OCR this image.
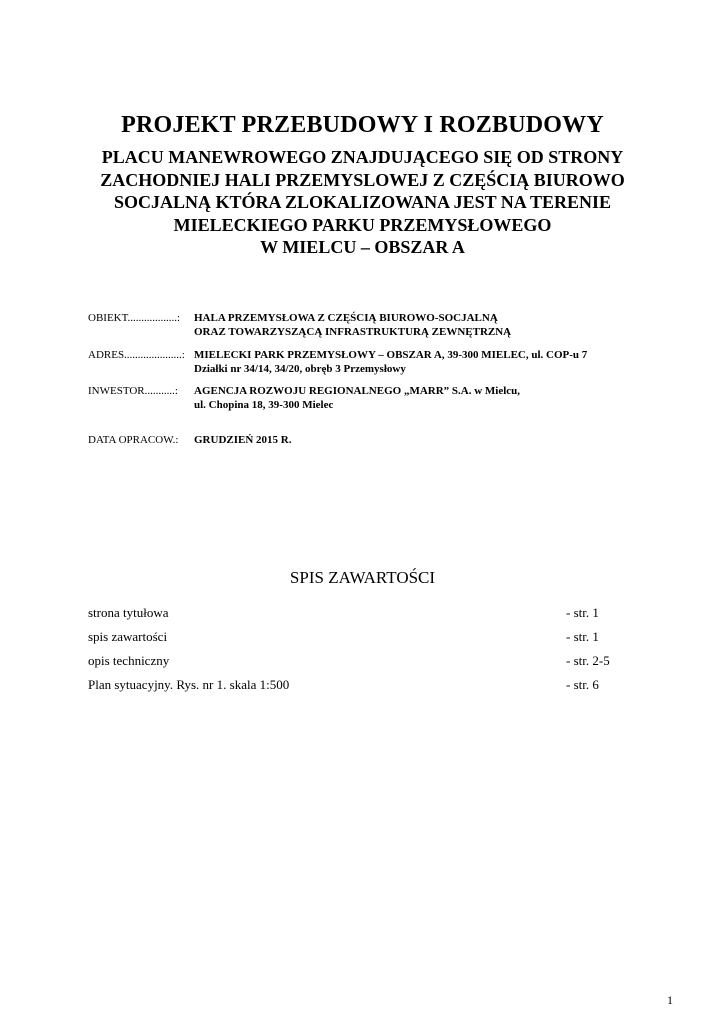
PROJEKT PRZEBUDOWY I ROZBUDOWY
PLACU MANEWROWEGO ZNAJDUJĄCEGO SIĘ OD STRONY
ZACHODNIEJ HALI PRZEMYSLOWEJ Z CZĘŚCIĄ BIUROWO
SOCJALNĄ KTÓRA ZLOKALIZOWANA JEST NA TERENIE
MIELECKIEGO PARKU PRZEMYSŁOWEGO
W MIELCU – OBSZAR A
OBIEKT..................:	HALA PRZEMYSŁOWA Z CZĘŚCIĄ BIUROWO-SOCJALNĄ
ORAZ TOWARZYSZĄCĄ INFRASTRUKTURĄ ZEWNĘTRZNĄ
ADRES.....................: MIELECKI PARK PRZEMYSŁOWY – OBSZAR A, 39-300 MIELEC, ul. COP-u 7
Działki nr 34/14, 34/20, obręb 3 Przemysłowy
INWESTOR...........:	AGENCJA ROZWOJU REGIONALNEGO „MARR” S.A. w Mielcu,
ul. Chopina 18, 39-300 Mielec
DATA OPRACOW.:	GRUDZIEŃ 2015 R.
SPIS ZAWARTOŚCI
strona tytułowa	- str. 1
spis zawartości	- str. 1
opis techniczny	- str. 2-5
Plan sytuacyjny. Rys. nr 1. skala 1:500	- str. 6
1
